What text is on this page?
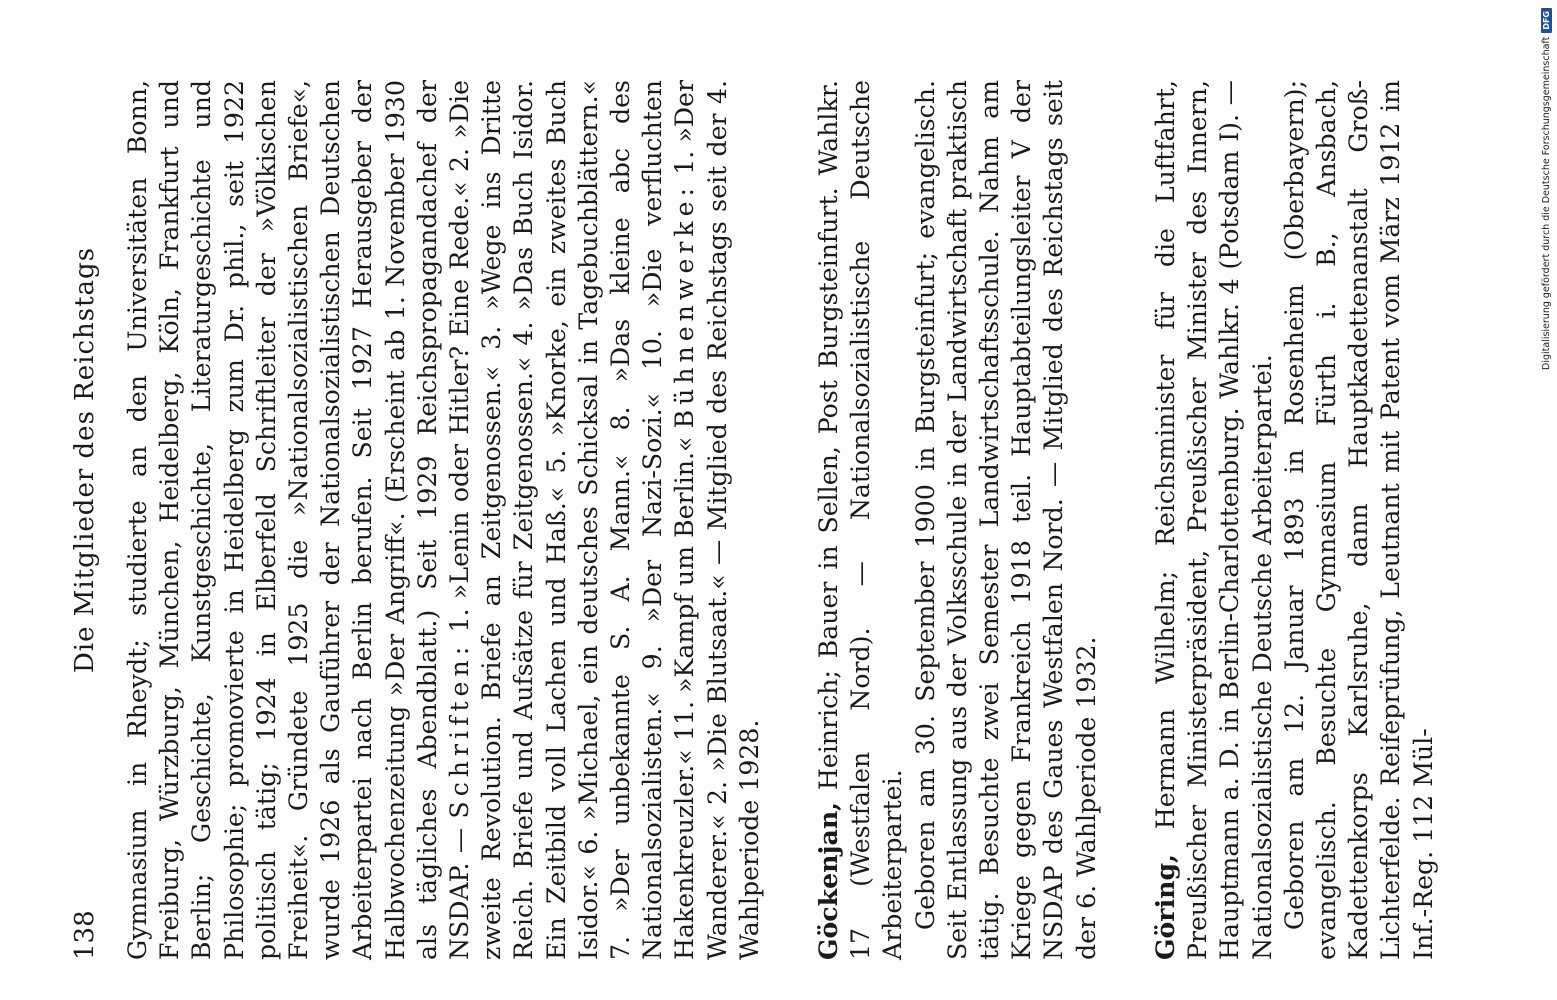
138
Die Mitglieder des Reichstags Gymnasium in Rheydt; studierte an den Universitäten Bonn, Freiburg, Würzburg, München, Heidelberg, Köln, Frankfurt und Berlin; Geschichte, Kunstgeschichte, Literaturgeschichte und Philosophie; promovierte in Heidelberg zum Dr. phil., seit 1922 politisch tätig; 1924 in Elberfeld Schriftleiter der »Völkischen Freiheit«. Gründete 1925 die »Nationalsozialistischen Briefe«, wurde 1926 als Gauführer der Nationalsozialistischen Deutschen Arbeiterpartei nach Berlin berufen. Seit 1927 Herausgeber der Halbwochenzeitung »Der Angriff«. (Erscheint ab 1. November 1930 als tägliches Abendblatt.) Seit 1929 Reichspropagandachef der NSDAP. — Schriften: 1. »Lenin oder Hitler? Eine Rede.« 2. »Die zweite Revolution. Briefe an Zeitgenossen.« 3. »Wege ins Dritte Reich. Briefe und Aufsätze für Zeitgenossen.« 4. »Das Buch Isidor. Ein Zeitbild voll Lachen und Haß.« 5. »Knorke, ein zweites Buch Isidor.« 6. »Michael, ein deutsches Schicksal in Tagebuchblättern.« 7. »Der unbekannte S. A. Mann.« 8. »Das kleine abc des Nationalsozialisten.« 9. »Der Nazi-Sozi.« 10. »Die verfluchten Hakenkreuzler.« 11. »Kampf um Berlin.« Bühnenwerke: 1. »Der Wanderer.« 2. »Die Blutsaat.« — Mitglied des Reichstags seit der 4. Wahlperiode 1928. Göckenjan, Heinrich; Bauer in Sellen, Post Burgsteinfurt. Wahlkr. 17 (Westfalen Nord). — Nationalsozialistische Deutsche Arbeiterpartei. Geboren am 30. September 1900 in Burgsteinfurt; evangelisch. Seit Entlassung aus der Volksschule in der Landwirtschaft praktisch tätig. Besuchte zwei Semester Landwirtschaftsschule. Nahm am Kriege gegen Frankreich 1918 teil. Hauptabteilungsleiter V der NSDAP des Gaues Westfalen Nord. — Mitglied des Reichstags seit der 6. Wahlperiode 1932. Göring, Hermann Wilhelm; Reichsminister für die Luftfahrt, Preußischer Ministerpräsident, Preußischer Minister des Innern, Hauptmann a. D. in Berlin-Charlottenburg. Wahlkr. 4 (Potsdam I). — Nationalsozialistische Deutsche Arbeiterpartei. Geboren am 12. Januar 1893 in Rosenheim (Oberbayern); evangelisch. Besuchte Gymnasium Fürth i. B., Ansbach, Kadettenkorps Karlsruhe, dann Hauptkadettenanstalt Groß-Lichterfelde. Reifeprüfung, Leutnant mit Patent vom März 1912 im Inf.-Reg. 112 Mül-

Digitalisierung gefördert durch die Deutsche Forschungsgemeinschaft
DFG
